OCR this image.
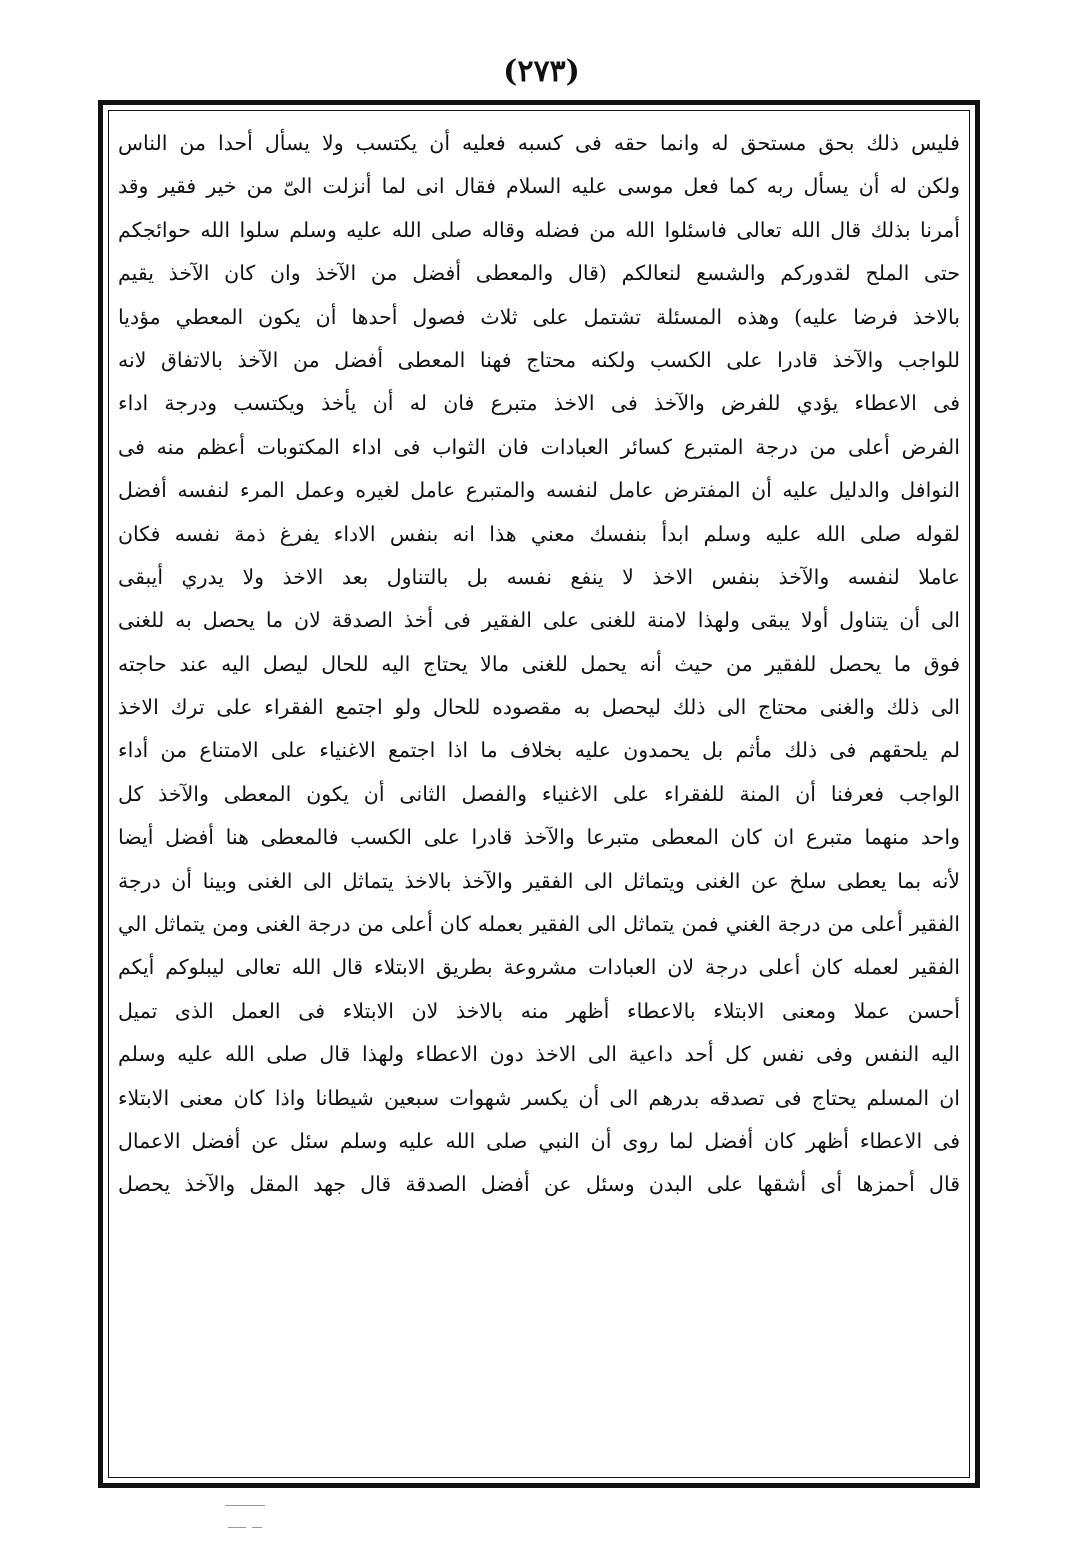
(٢٧٣)
فليس ذلك بحق مستحق له وانما حقه فى كسبه فعليه أن يكتسب ولا يسأل أحدا من الناس
ولكن له أن يسأل ربه كما فعل موسى عليه السلام فقال انى لما أنزلت الىّ من خير فقير وقد
أمرنا بذلك قال الله تعالى فاسئلوا الله من فضله وقاله صلى الله عليه وسلم سلوا الله حوائجكم
حتى الملح لقدوركم والشسع لنعالكم (قال والمعطى أفضل من الآخذ وان كان الآخذ يقيم
بالاخذ فرضا عليه) وهذه المسئلة تشتمل على ثلاث فصول أحدها أن يكون المعطي مؤديا
للواجب والآخذ قادرا على الكسب ولكنه محتاج فهنا المعطى أفضل من الآخذ بالاتفاق لانه
فى الاعطاء يؤدي للفرض والآخذ فى الاخذ متبرع فان له أن يأخذ ويكتسب ودرجة اداء
الفرض أعلى من درجة المتبرع كسائر العبادات فان الثواب فى اداء المكتوبات أعظم منه فى
النوافل والدليل عليه أن المفترض عامل لنفسه والمتبرع عامل لغيره وعمل المرء لنفسه أفضل
لقوله صلى الله عليه وسلم ابدأ بنفسك معني هذا انه بنفس الاداء يفرغ ذمة نفسه فكان
عاملا لنفسه والآخذ بنفس الاخذ لا ينفع نفسه بل بالتناول بعد الاخذ ولا يدري أيبقى
الى أن يتناول أولا يبقى ولهذا لامنة للغنى على الفقير فى أخذ الصدقة لان ما يحصل به للغنى
فوق ما يحصل للفقير من حيث أنه يحمل للغنى مالا يحتاج اليه للحال ليصل اليه عند حاجته
الى ذلك والغنى محتاج الى ذلك ليحصل به مقصوده للحال ولو اجتمع الفقراء على ترك الاخذ
لم يلحقهم فى ذلك مأثم بل يحمدون عليه بخلاف ما اذا اجتمع الاغنياء على الامتناع من أداء
الواجب فعرفنا أن المنة للفقراء على الاغنياء والفصل الثانى أن يكون المعطى والآخذ كل
واحد منهما متبرع ان كان المعطى متبرعا والآخذ قادرا على الكسب فالمعطى هنا أفضل أيضا
لأنه بما يعطى سلخ عن الغنى ويتماثل الى الفقير والآخذ بالاخذ يتماثل الى الغنى وبينا أن درجة
الفقير أعلى من درجة الغني فمن يتماثل الى الفقير بعمله كان أعلى من درجة الغنى ومن يتماثل الي
الفقير لعمله كان أعلى درجة لان العبادات مشروعة بطريق الابتلاء قال الله تعالى ليبلوكم أيكم
أحسن عملا ومعنى الابتلاء بالاعطاء أظهر منه بالاخذ لان الابتلاء فى العمل الذى تميل
اليه النفس وفى نفس كل أحد داعية الى الاخذ دون الاعطاء ولهذا قال صلى الله عليه وسلم
ان المسلم يحتاج فى تصدقه بدرهم الى أن يكسر شهوات سبعين شيطانا واذا كان معنى الابتلاء
فى الاعطاء أظهر كان أفضل لما روى أن النبي صلى الله عليه وسلم سئل عن أفضل الاعمال
قال أحمزها أى أشقها على البدن وسئل عن أفضل الصدقة قال جهد المقل والآخذ يحصل
